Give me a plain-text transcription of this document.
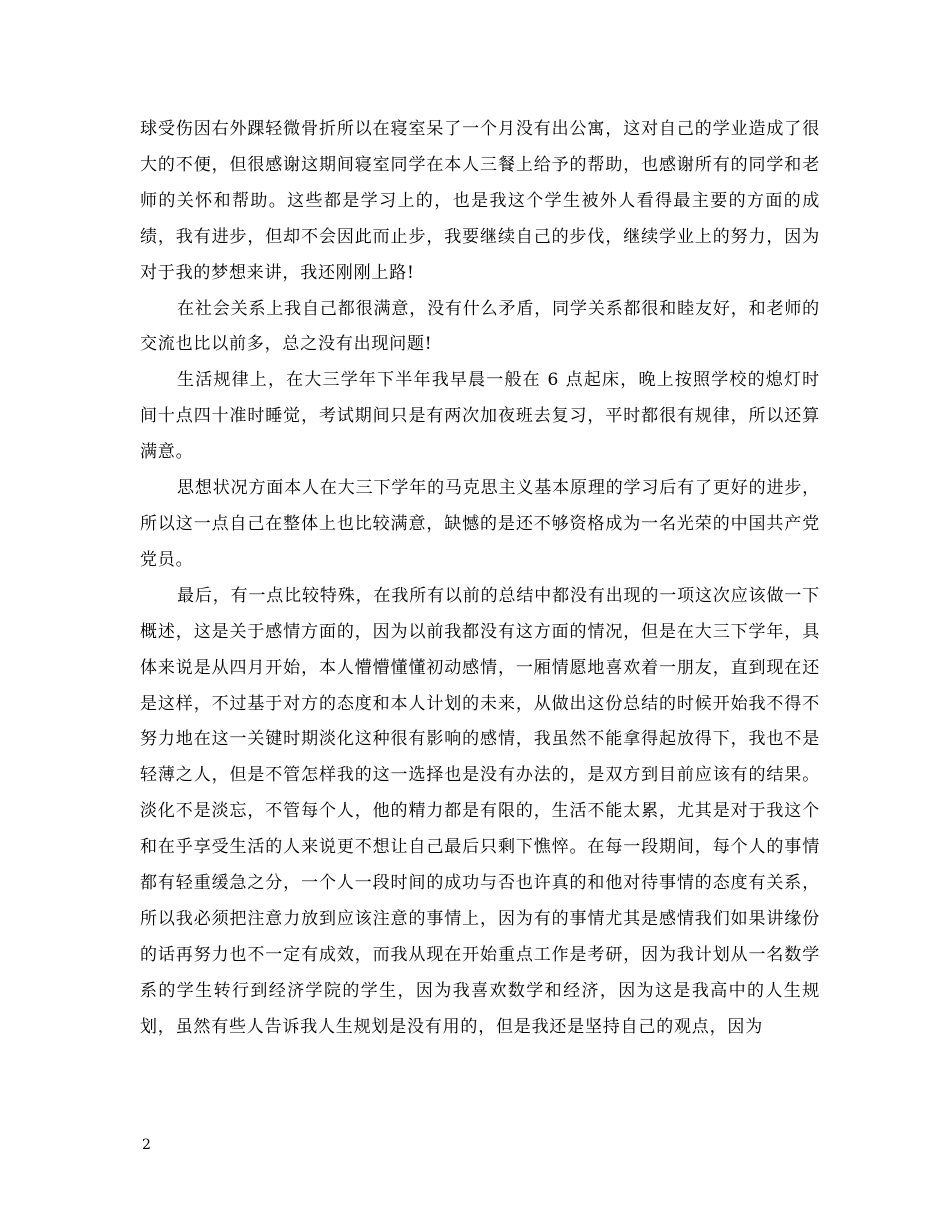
球受伤因右外踝轻微骨折所以在寝室呆了一个月没有出公寓，这对自己的学业造成了很大的不便，但很感谢这期间寝室同学在本人三餐上给予的帮助，也感谢所有的同学和老师的关怀和帮助。这些都是学习上的，也是我这个学生被外人看得最主要的方面的成绩，我有进步，但却不会因此而止步，我要继续自己的步伐，继续学业上的努力，因为对于我的梦想来讲，我还刚刚上路!

在社会关系上我自己都很满意，没有什么矛盾，同学关系都很和睦友好，和老师的交流也比以前多，总之没有出现问题!

生活规律上，在大三学年下半年我早晨一般在 6 点起床，晚上按照学校的熄灯时间十点四十准时睡觉，考试期间只是有两次加夜班去复习，平时都很有规律，所以还算满意。

思想状况方面本人在大三下学年的马克思主义基本原理的学习后有了更好的进步，所以这一点自己在整体上也比较满意，缺憾的是还不够资格成为一名光荣的中国共产党党员。

最后，有一点比较特殊，在我所有以前的总结中都没有出现的一项这次应该做一下概述，这是关于感情方面的，因为以前我都没有这方面的情况，但是在大三下学年，具体来说是从四月开始，本人懵懵懂懂初动感情，一厢情愿地喜欢着一朋友，直到现在还是这样，不过基于对方的态度和本人计划的未来，从做出这份总结的时候开始我不得不努力地在这一关键时期淡化这种很有影响的感情，我虽然不能拿得起放得下，我也不是轻薄之人，但是不管怎样我的这一选择也是没有办法的，是双方到目前应该有的结果。淡化不是淡忘，不管每个人，他的精力都是有限的，生活不能太累，尤其是对于我这个和在乎享受生活的人来说更不想让自己最后只剩下憔悴。在每一段期间，每个人的事情都有轻重缓急之分，一个人一段时间的成功与否也许真的和他对待事情的态度有关系，所以我必须把注意力放到应该注意的事情上，因为有的事情尤其是感情我们如果讲缘份的话再努力也不一定有成效，而我从现在开始重点工作是考研，因为我计划从一名数学系的学生转行到经济学院的学生，因为我喜欢数学和经济，因为这是我高中的人生规划，虽然有些人告诉我人生规划是没有用的，但是我还是坚持自己的观点，因为

2
